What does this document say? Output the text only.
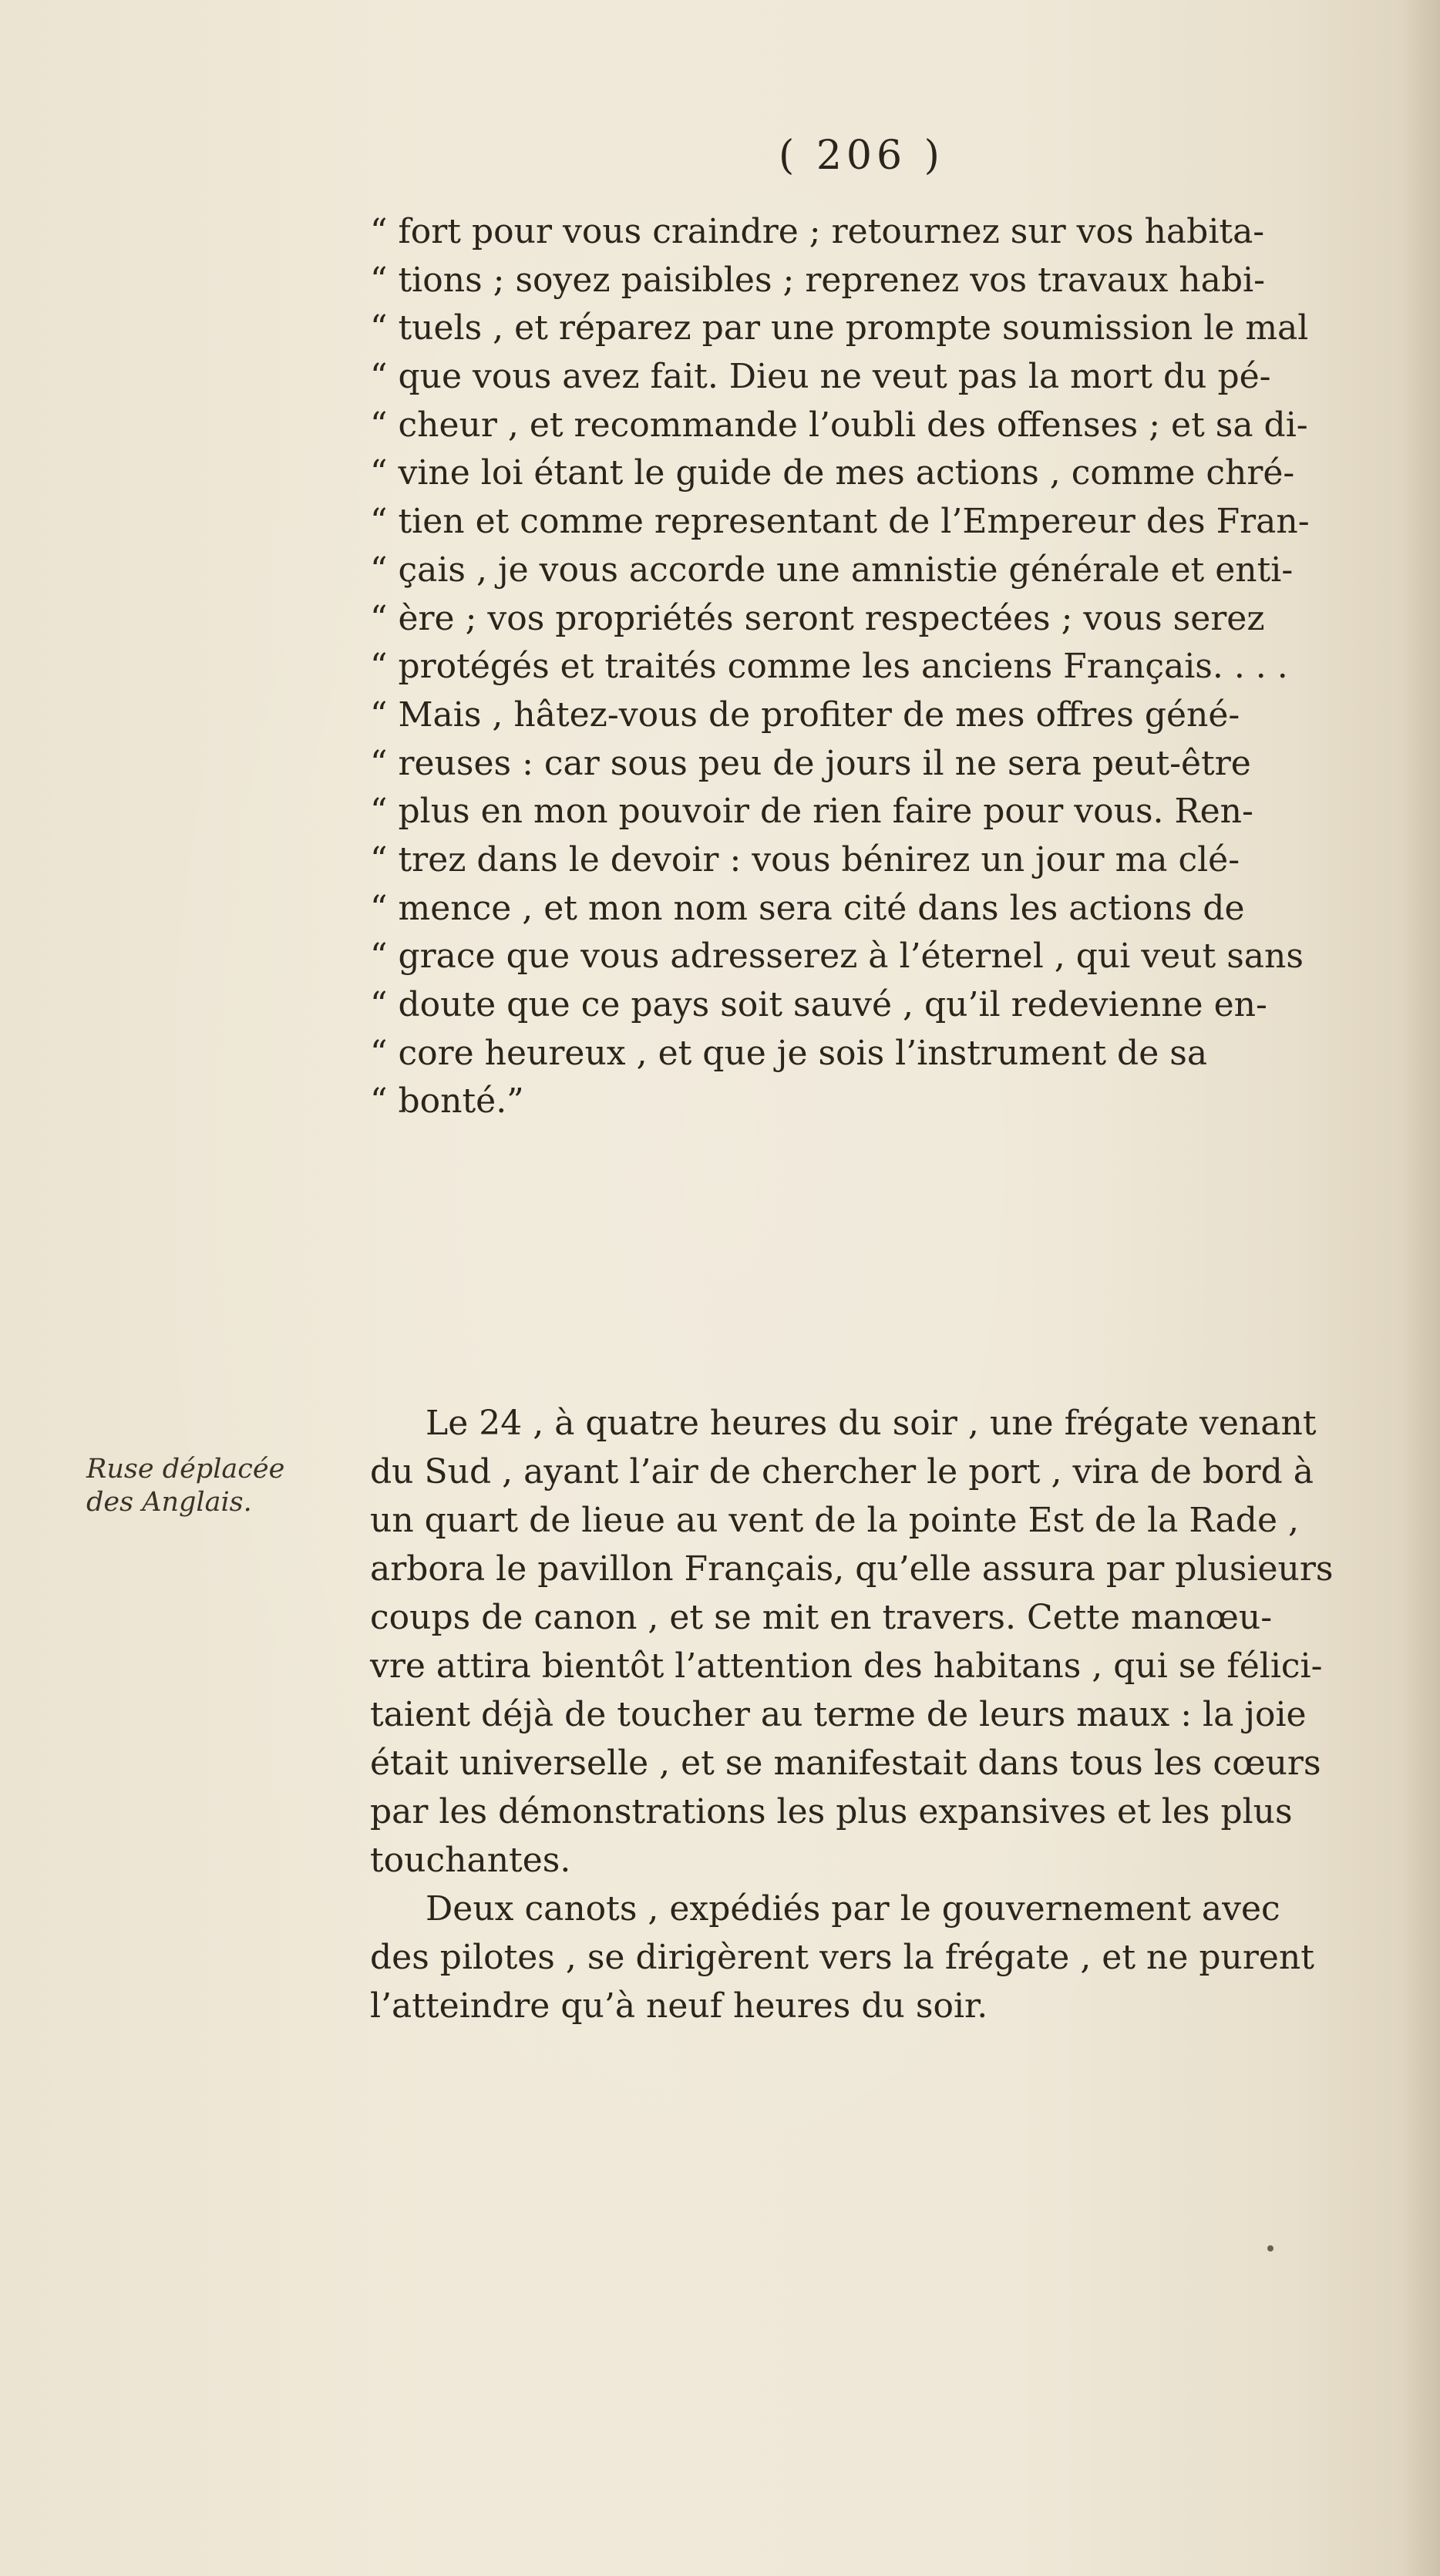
( 206 )
“ fort pour vous craindre ; retournez sur vos habita-
“ tions ; soyez paisibles ; reprenez vos travaux habi-
“ tuels , et réparez par une prompte soumission le mal
“ que vous avez fait. Dieu ne veut pas la mort du pé-
“ cheur , et recommande l’oubli des offenses ; et sa di-
“ vine loi étant le guide de mes actions , comme chré-
“ tien et comme representant de l’Empereur des Fran-
“ çais , je vous accorde une amnistie générale et enti-
“ ère ; vos propriétés seront respectées ; vous serez
“ protégés et traités comme les anciens Français. . . .
“ Mais , hâtez-vous de profiter de mes offres géné-
“ reuses : car sous peu de jours il ne sera peut-être
“ plus en mon pouvoir de rien faire pour vous. Ren-
“ trez dans le devoir : vous bénirez un jour ma clé-
“ mence , et mon nom sera cité dans les actions de
“ grace que vous adresserez à l’éternel , qui veut sans
“ doute que ce pays soit sauvé , qu’il redevienne en-
“ core heureux , et que je sois l’instrument de sa
“ bonté.”
Ruse déplacée
des Anglais.
Le 24 , à quatre heures du soir , une frégate venant
du Sud , ayant l’air de chercher le port , vira de bord à
un quart de lieue au vent de la pointe Est de la Rade ,
arbora le pavillon Français, qu’elle assura par plusieurs
coups de canon , et se mit en travers. Cette manœu-
vre attira bientôt l’attention des habitans , qui se félici-
taient déjà de toucher au terme de leurs maux : la joie
était universelle , et se manifestait dans tous les cœurs
par les démonstrations les plus expansives et les plus
touchantes.
Deux canots , expédiés par le gouvernement avec
des pilotes , se dirigèrent vers la frégate , et ne purent
l’atteindre qu’à neuf heures du soir.
